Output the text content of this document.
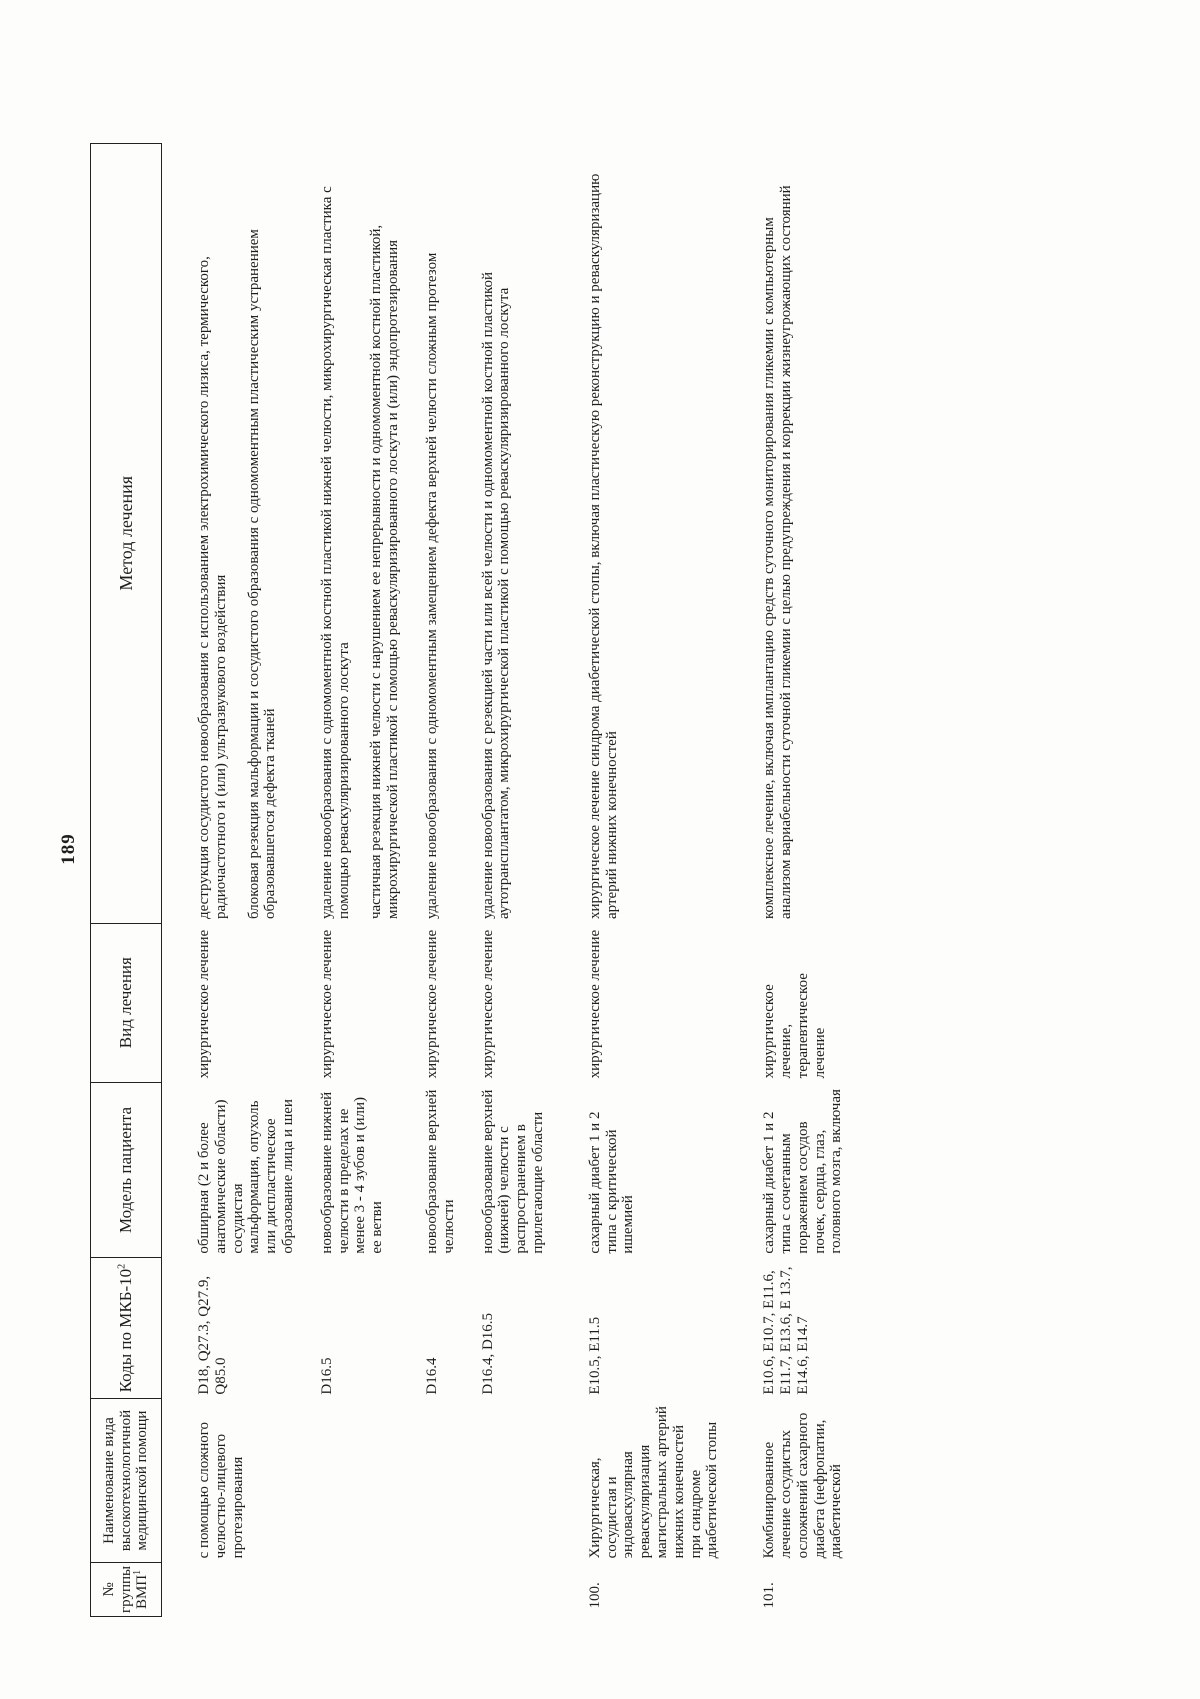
189
№ группы ВМП$^1$	Наименование вида высокотехнологичной медицинской помощи	Коды по МКБ-$10^2$	Модель пациента	Вид лечения	Метод лечения
	с помощью сложного челюстно-лицевого протезирования	D18, Q27.3, Q27.9, Q85.0	обширная (2 и более анатомические области) сосудистая мальформация, опухоль или диспластическое образование лица и шеи	хирургическое лечение	деструкция сосудистого новообразования с использованием электрохимического лизиса, термического, радиочастотного и (или) ультразвукового воздействия блоковая резекция мальформации и сосудистого образования с одномоментным пластическим устранением образовавшегося дефекта тканей

		D16.5	новообразование нижней челюсти в пределах не менее 3 - 4 зубов и (или) ее ветви	хирургическое лечение	удаление новообразования с одномоментной костной пластикой нижней челюсти, микрохирургическая пластика с помощью реваскуляризированного лоскута частичная резекция нижней челюсти с нарушением ее непрерывности и одномоментной костной пластикой, микрохирургической пластикой с помощью реваскуляризированного лоскута и (или) эндопротезирования

		D16.4	новообразование верхней челюсти	хирургическое лечение	удаление новообразования с одномоментным замещением дефекта верхней челюсти сложным протезом

		D16.4, D16.5	новообразование верхней (нижней) челюсти с распространением в прилегающие области	хирургическое лечение	удаление новообразования с резекцией части или всей челюсти и одномоментной костной пластикой аутотрансплантатом, микрохирургической пластикой с помощью реваскуляризированного лоскута

100.	Хирургическая, сосудистая и эндоваскулярная реваскуляризация магистральных артерий нижних конечностей при синдроме диабетической стопы	E10.5, E11.5	сахарный диабет 1 и 2 типа с критической ишемией	хирургическое лечение	хирургическое лечение синдрома диабетической стопы, включая пластическую реконструкцию и реваскуляризацию артерий нижних конечностей

101.	Комбинированное лечение сосудистых осложнений сахарного диабета (нефропатии, диабетической	E10.6, E10.7, E11.6, E11.7, E13.6, E 13.7, E14.6, E14.7	сахарный диабет 1 и 2 типа с сочетанным поражением сосудов почек, сердца, глаз, головного мозга, включая	хирургическое лечение, терапевтическое лечение	комплексное лечение, включая имплантацию средств суточного мониторирования гликемии с компьютерным анализом вариабельности суточной гликемии с целью предупреждения и коррекции жизнеугрожающих состояний
